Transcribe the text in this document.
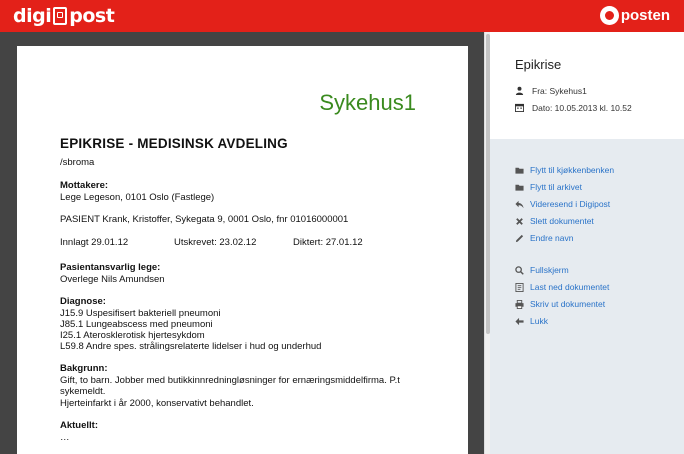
digi post	posten
Sykehus1
EPIKRISE - MEDISINSK AVDELING
/sbroma
Mottakere:
Lege Legeson, 0101 Oslo (Fastlege)
PASIENT Krank, Kristoffer, Sykegata 9, 0001 Oslo, fnr 01016000001
Innlagt 29.01.12	Utskrevet: 23.02.12	Diktert: 27.01.12
Pasientansvarlig lege:
Overlege Nils Amundsen
Diagnose:
J15.9 Uspesifisert bakteriell pneumoni
J85.1 Lungeabscess med pneumoni
I25.1 Aterosklerotisk hjertesykdom
L59.8 Andre spes. strålingsrelaterte lidelser i hud og underhud
Bakgrunn:
Gift, to barn. Jobber med butikkinnredningløsninger for ernæringsmiddelfirma. P.t
sykemeldt.
Hjerteinfarkt i år 2000, konservativt behandlet.
Aktuellt:
…
Epikrise
Fra: Sykehus1
Dato: 10.05.2013 kl. 10.52
Flytt til kjøkkenbenken
Flytt til arkivet
Videresend i Digipost
Slett dokumentet
Endre navn
Fullskjerm
Last ned dokumentet
Skriv ut dokumentet
Lukk
